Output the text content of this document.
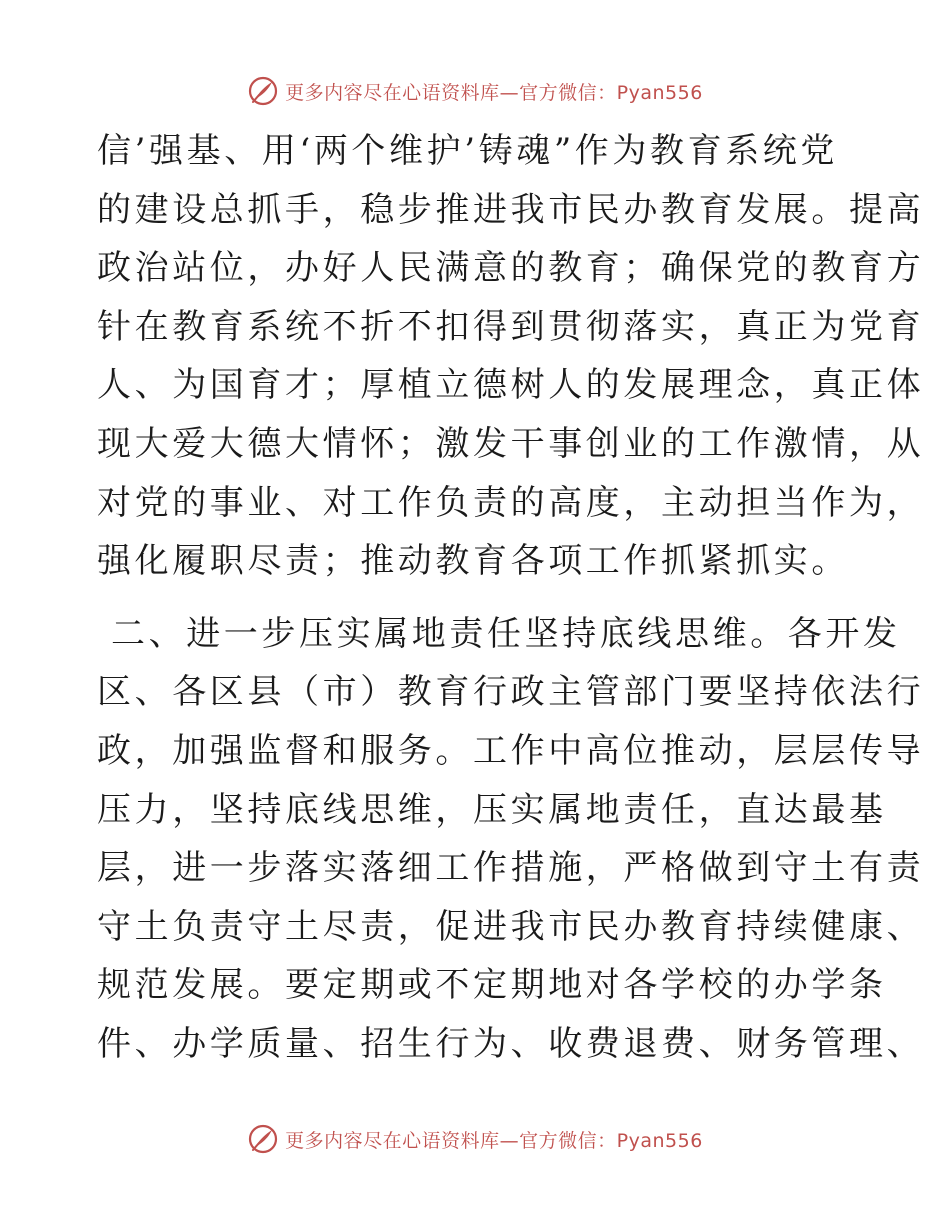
更多内容尽在心语资料库—官方微信：Pyan556
信’强基、用‘两个维护’铸魂”作为教育系统党
的建设总抓手，稳步推进我市民办教育发展。提高
政治站位，办好人民满意的教育；确保党的教育方
针在教育系统不折不扣得到贯彻落实，真正为党育
人、为国育才；厚植立德树人的发展理念，真正体
现大爱大德大情怀；激发干事创业的工作激情，从
对党的事业、对工作负责的高度，主动担当作为，
强化履职尽责；推动教育各项工作抓紧抓实。
二、进一步压实属地责任坚持底线思维。各开发
区、各区县（市）教育行政主管部门要坚持依法行
政，加强监督和服务。工作中高位推动，层层传导
压力，坚持底线思维，压实属地责任，直达最基
层，进一步落实落细工作措施，严格做到守土有责
守土负责守土尽责，促进我市民办教育持续健康、
规范发展。要定期或不定期地对各学校的办学条
件、办学质量、招生行为、收费退费、财务管理、
更多内容尽在心语资料库—官方微信：Pyan556
